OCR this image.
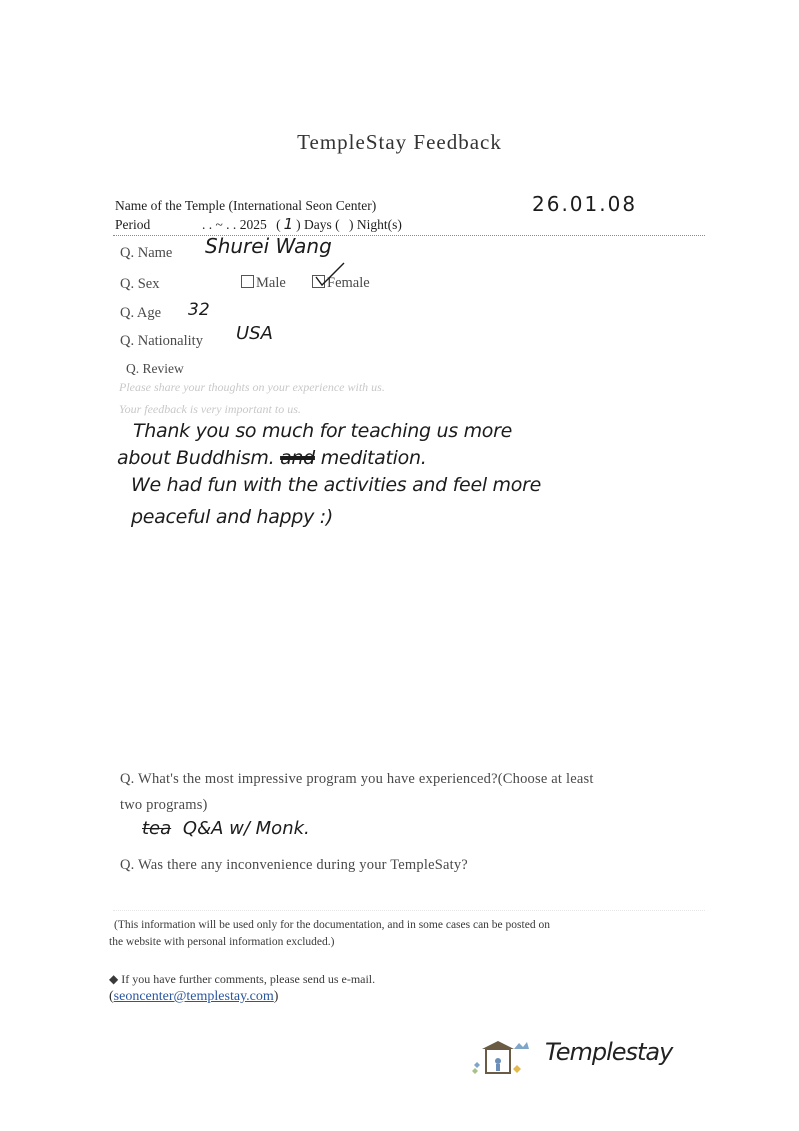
TempleStay Feedback
Name of the Temple (International Seon Center)	26.01.08
Period	. . ~ . . 2025 ( 1 ) Days ( ) Night(s)
Q. Name Shurei Wang
Q. Sex	Male	Female
Q. Age 32
Q. Nationality USA
Q. Review
Please share your thoughts on your experience with us.
Your feedback is very important to us.
Thank you so much for teaching us more
about Buddhism. and meditation.
We had fun with the activities and feel more
peaceful and happy :)
Q. What's the most impressive program you have experienced?(Choose at least
two programs)
tea Q&A w/ Monk.
Q. Was there any inconvenience during your TempleSaty?
(This information will be used only for the documentation, and in some cases can be posted on
the website with personal information excluded.)
◆ If you have further comments, please send us e-mail.
(seoncenter@templestay.com)
Templestay
